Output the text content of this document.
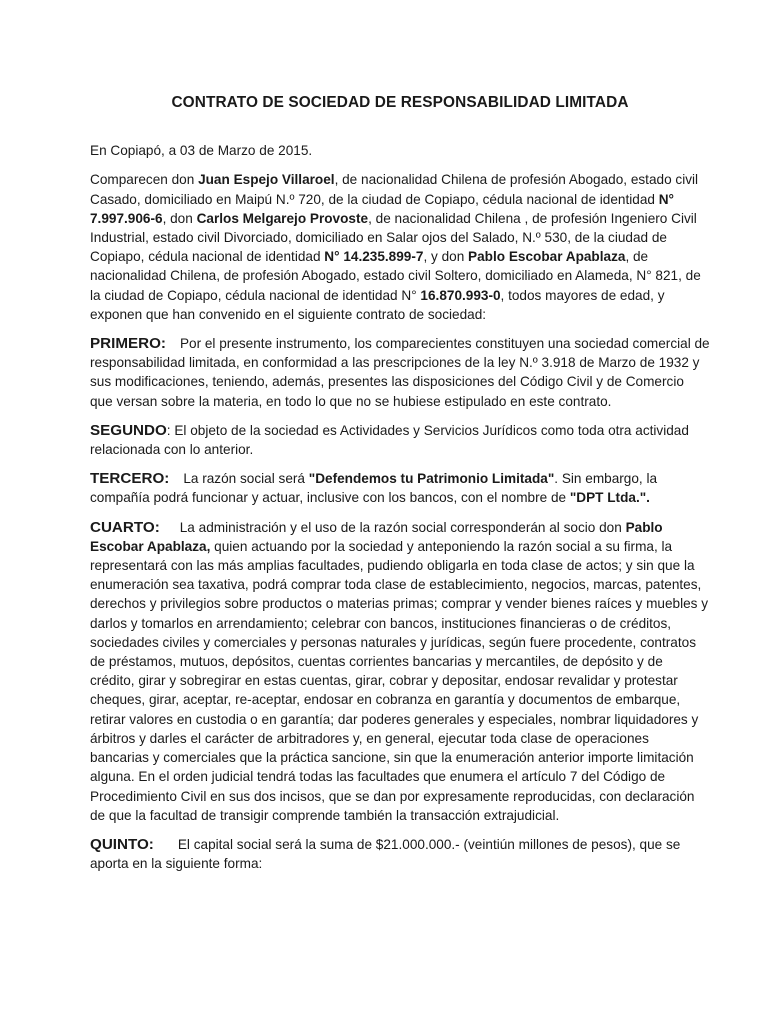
CONTRATO DE SOCIEDAD DE RESPONSABILIDAD LIMITADA

En Copiapó, a 03 de Marzo de 2015.

Comparecen don Juan Espejo Villaroel, de nacionalidad Chilena de profesión Abogado, estado civil Casado, domiciliado en Maipú N.º 720, de la ciudad de Copiapo, cédula nacional de identidad N° 7.997.906-6, don Carlos Melgarejo Provoste, de nacionalidad Chilena , de profesión Ingeniero Civil Industrial, estado civil Divorciado, domiciliado en Salar ojos del Salado, N.º 530, de la ciudad de Copiapo, cédula nacional de identidad N° 14.235.899-7, y don Pablo Escobar Apablaza, de nacionalidad Chilena, de profesión Abogado, estado civil Soltero, domiciliado en Alameda, N° 821, de la ciudad de Copiapo, cédula nacional de identidad N° 16.870.993-0, todos mayores de edad, y exponen que han convenido en el siguiente contrato de sociedad:

PRIMERO: Por el presente instrumento, los comparecientes constituyen una sociedad comercial de responsabilidad limitada, en conformidad a las prescripciones de la ley N.º 3.918 de Marzo de 1932 y sus modificaciones, teniendo, además, presentes las disposiciones del Código Civil y de Comercio que versan sobre la materia, en todo lo que no se hubiese estipulado en este contrato.

SEGUNDO: El objeto de la sociedad es Actividades y Servicios Jurídicos como toda otra actividad relacionada con lo anterior.

TERCERO: La razón social será "Defendemos tu Patrimonio Limitada". Sin embargo, la compañía podrá funcionar y actuar, inclusive con los bancos, con el nombre de "DPT Ltda.".

CUARTO: La administración y el uso de la razón social corresponderán al socio don Pablo Escobar Apablaza, quien actuando por la sociedad y anteponiendo la razón social a su firma, la representará con las más amplias facultades, pudiendo obligarla en toda clase de actos; y sin que la enumeración sea taxativa, podrá comprar toda clase de establecimiento, negocios, marcas, patentes, derechos y privilegios sobre productos o materias primas; comprar y vender bienes raíces y muebles y darlos y tomarlos en arrendamiento; celebrar con bancos, instituciones financieras o de créditos, sociedades civiles y comerciales y personas naturales y jurídicas, según fuere procedente, contratos de préstamos, mutuos, depósitos, cuentas corrientes bancarias y mercantiles, de depósito y de crédito, girar y sobregirar en estas cuentas, girar, cobrar y depositar, endosar revalidar y protestar cheques, girar, aceptar, re-aceptar, endosar en cobranza en garantía y documentos de embarque, retirar valores en custodia o en garantía; dar poderes generales y especiales, nombrar liquidadores y árbitros y darles el carácter de arbitradores y, en general, ejecutar toda clase de operaciones bancarias y comerciales que la práctica sancione, sin que la enumeración anterior importe limitación alguna. En el orden judicial tendrá todas las facultades que enumera el artículo 7 del Código de Procedimiento Civil en sus dos incisos, que se dan por expresamente reproducidas, con declaración de que la facultad de transigir comprende también la transacción extrajudicial.

QUINTO: El capital social será la suma de $21.000.000.- (veintiún millones de pesos), que se aporta en la siguiente forma:
